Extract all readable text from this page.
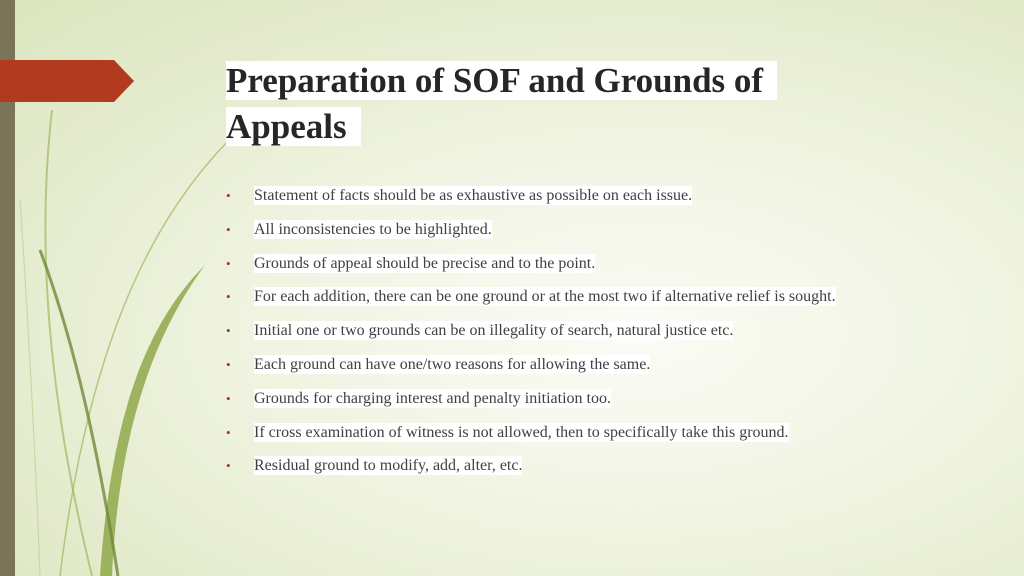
Preparation of SOF and Grounds of Appeals
• Statement of facts should be as exhaustive as possible on each issue.
• All inconsistencies to be highlighted.
• Grounds of appeal should be precise and to the point.
• For each addition, there can be one ground or at the most two if alternative relief is sought.
• Initial one or two grounds can be on illegality of search, natural justice etc.
• Each ground can have one/two reasons for allowing the same.
• Grounds for charging interest and penalty initiation too.
• If cross examination of witness is not allowed, then to specifically take this ground.
• Residual ground to modify, add, alter, etc.
